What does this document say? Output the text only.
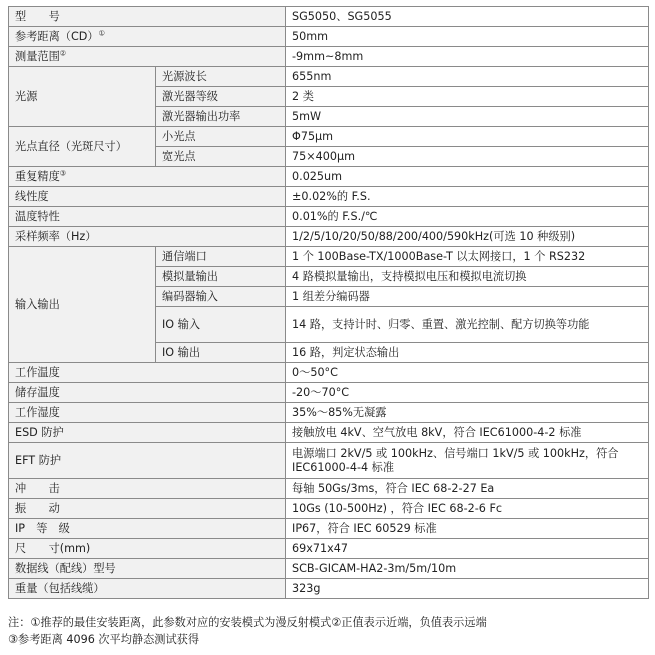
型　　号		SG5050、SG5055
参考距离（CD）①		50mm
测量范围②		-9mm~8mm
光源	光源波长	655nm
	激光器等级	2 类
	激光器输出功率	5mW
光点直径（光斑尺寸）	小光点	Φ75μm
	宽光点	75×400μm
重复精度③		0.025um
线性度		±0.02%的 F.S.
温度特性		0.01%的 F.S./℃
采样频率（Hz）		1/2/5/10/20/50/88/200/400/590kHz(可选 10 种级别)
输入输出	通信端口	1 个 100Base-TX/1000Base-T 以太网接口，1 个 RS232
	模拟量输出	4 路模拟量输出，支持模拟电压和模拟电流切换
	编码器输入	1 组差分编码器
	IO 输入	14 路，支持计时、归零、重置、激光控制、配方切换等功能
	IO 输出	16 路，判定状态输出
工作温度		0～50°C
储存温度		-20～70°C
工作湿度		35%～85%无凝露
ESD 防护		接触放电 4kV、空气放电 8kV，符合 IEC61000-4-2 标准
EFT 防护		电源端口 2kV/5 或 100kHz、信号端口 1kV/5 或 100kHz，符合 IEC61000-4-4 标准
冲　　击		每轴 50Gs/3ms，符合 IEC 68-2-27 Ea
振　　动		10Gs (10-500Hz) ，符合 IEC 68-2-6 Fc
IP　等　级		IP67，符合 IEC 60529 标准
尺　　寸(mm)		69x71x47
数据线（配线）型号		SCB-GICAM-HA2-3m/5m/10m
重量（包括线缆）		323g
注：①推荐的最佳安装距离，此参数对应的安装模式为漫反射模式②正值表示近端，负值表示远端
③参考距离 4096 次平均静态测试获得
